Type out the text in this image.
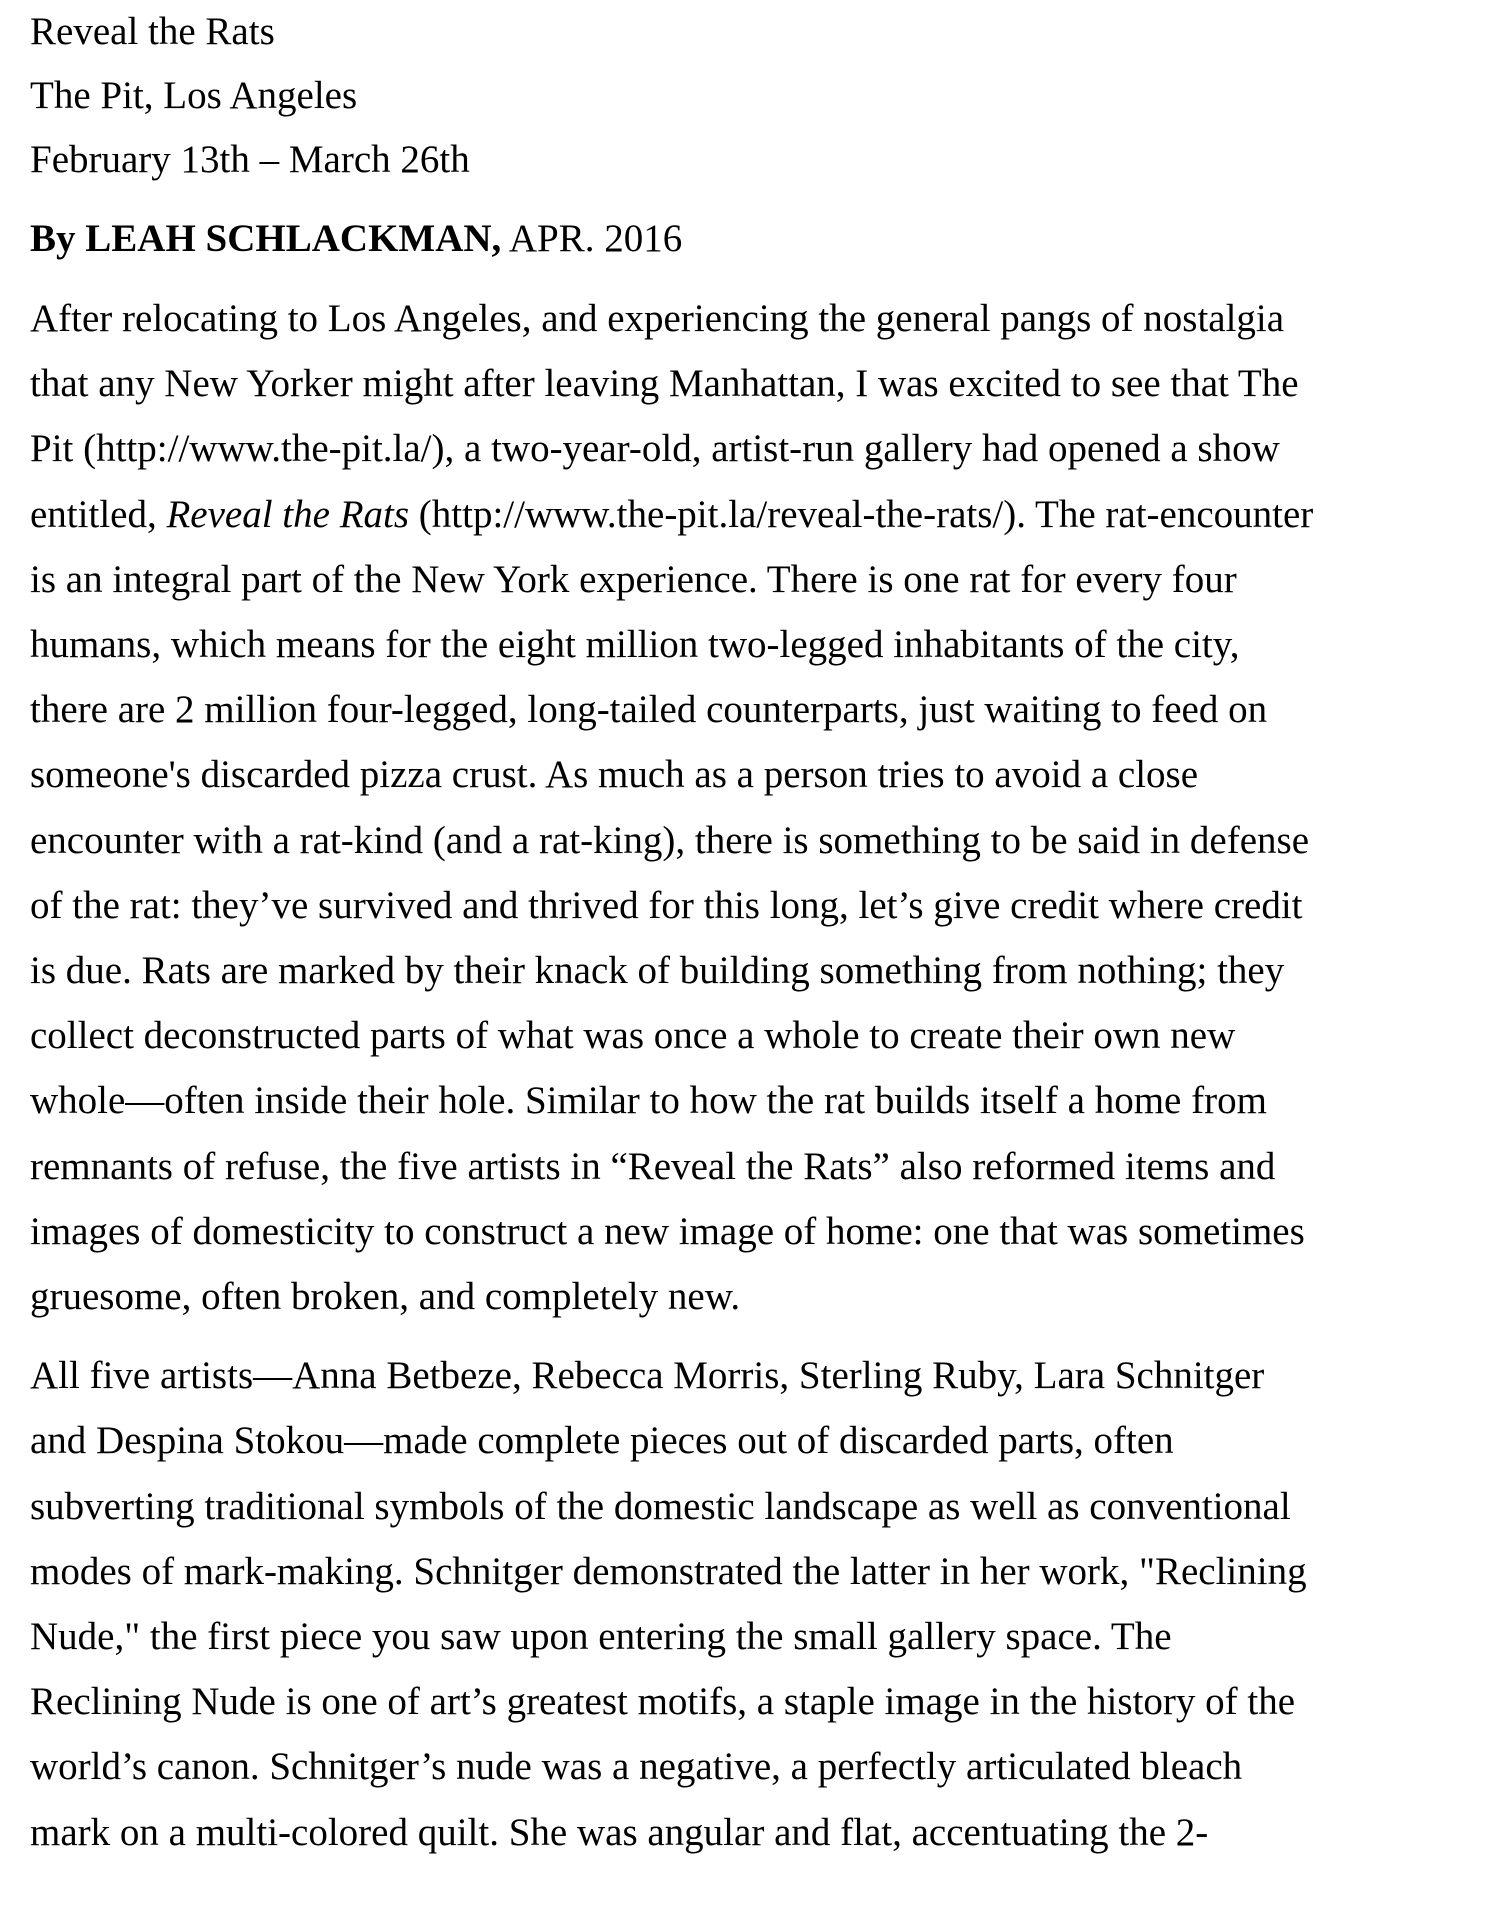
Reveal the Rats
The Pit, Los Angeles
February 13th – March 26th
By LEAH SCHLACKMAN, APR. 2016
After relocating to Los Angeles, and experiencing the general pangs of nostalgia
that any New Yorker might after leaving Manhattan, I was excited to see that The
Pit (http://www.the-pit.la/), a two-year-old, artist-run gallery had opened a show
entitled, Reveal the Rats (http://www.the-pit.la/reveal-the-rats/). The rat-encounter
is an integral part of the New York experience. There is one rat for every four
humans, which means for the eight million two-legged inhabitants of the city,
there are 2 million four-legged, long-tailed counterparts, just waiting to feed on
someone's discarded pizza crust. As much as a person tries to avoid a close
encounter with a rat-kind (and a rat-king), there is something to be said in defense
of the rat: they’ve survived and thrived for this long, let’s give credit where credit
is due. Rats are marked by their knack of building something from nothing; they
collect deconstructed parts of what was once a whole to create their own new
whole—often inside their hole. Similar to how the rat builds itself a home from
remnants of refuse, the five artists in “Reveal the Rats” also reformed items and
images of domesticity to construct a new image of home: one that was sometimes
gruesome, often broken, and completely new.
All five artists—Anna Betbeze, Rebecca Morris, Sterling Ruby, Lara Schnitger
and Despina Stokou—made complete pieces out of discarded parts, often
subverting traditional symbols of the domestic landscape as well as conventional
modes of mark-making. Schnitger demonstrated the latter in her work, "Reclining
Nude," the first piece you saw upon entering the small gallery space. The
Reclining Nude is one of art’s greatest motifs, a staple image in the history of the
world’s canon. Schnitger’s nude was a negative, a perfectly articulated bleach
mark on a multi-colored quilt. She was angular and flat, accentuating the 2-
